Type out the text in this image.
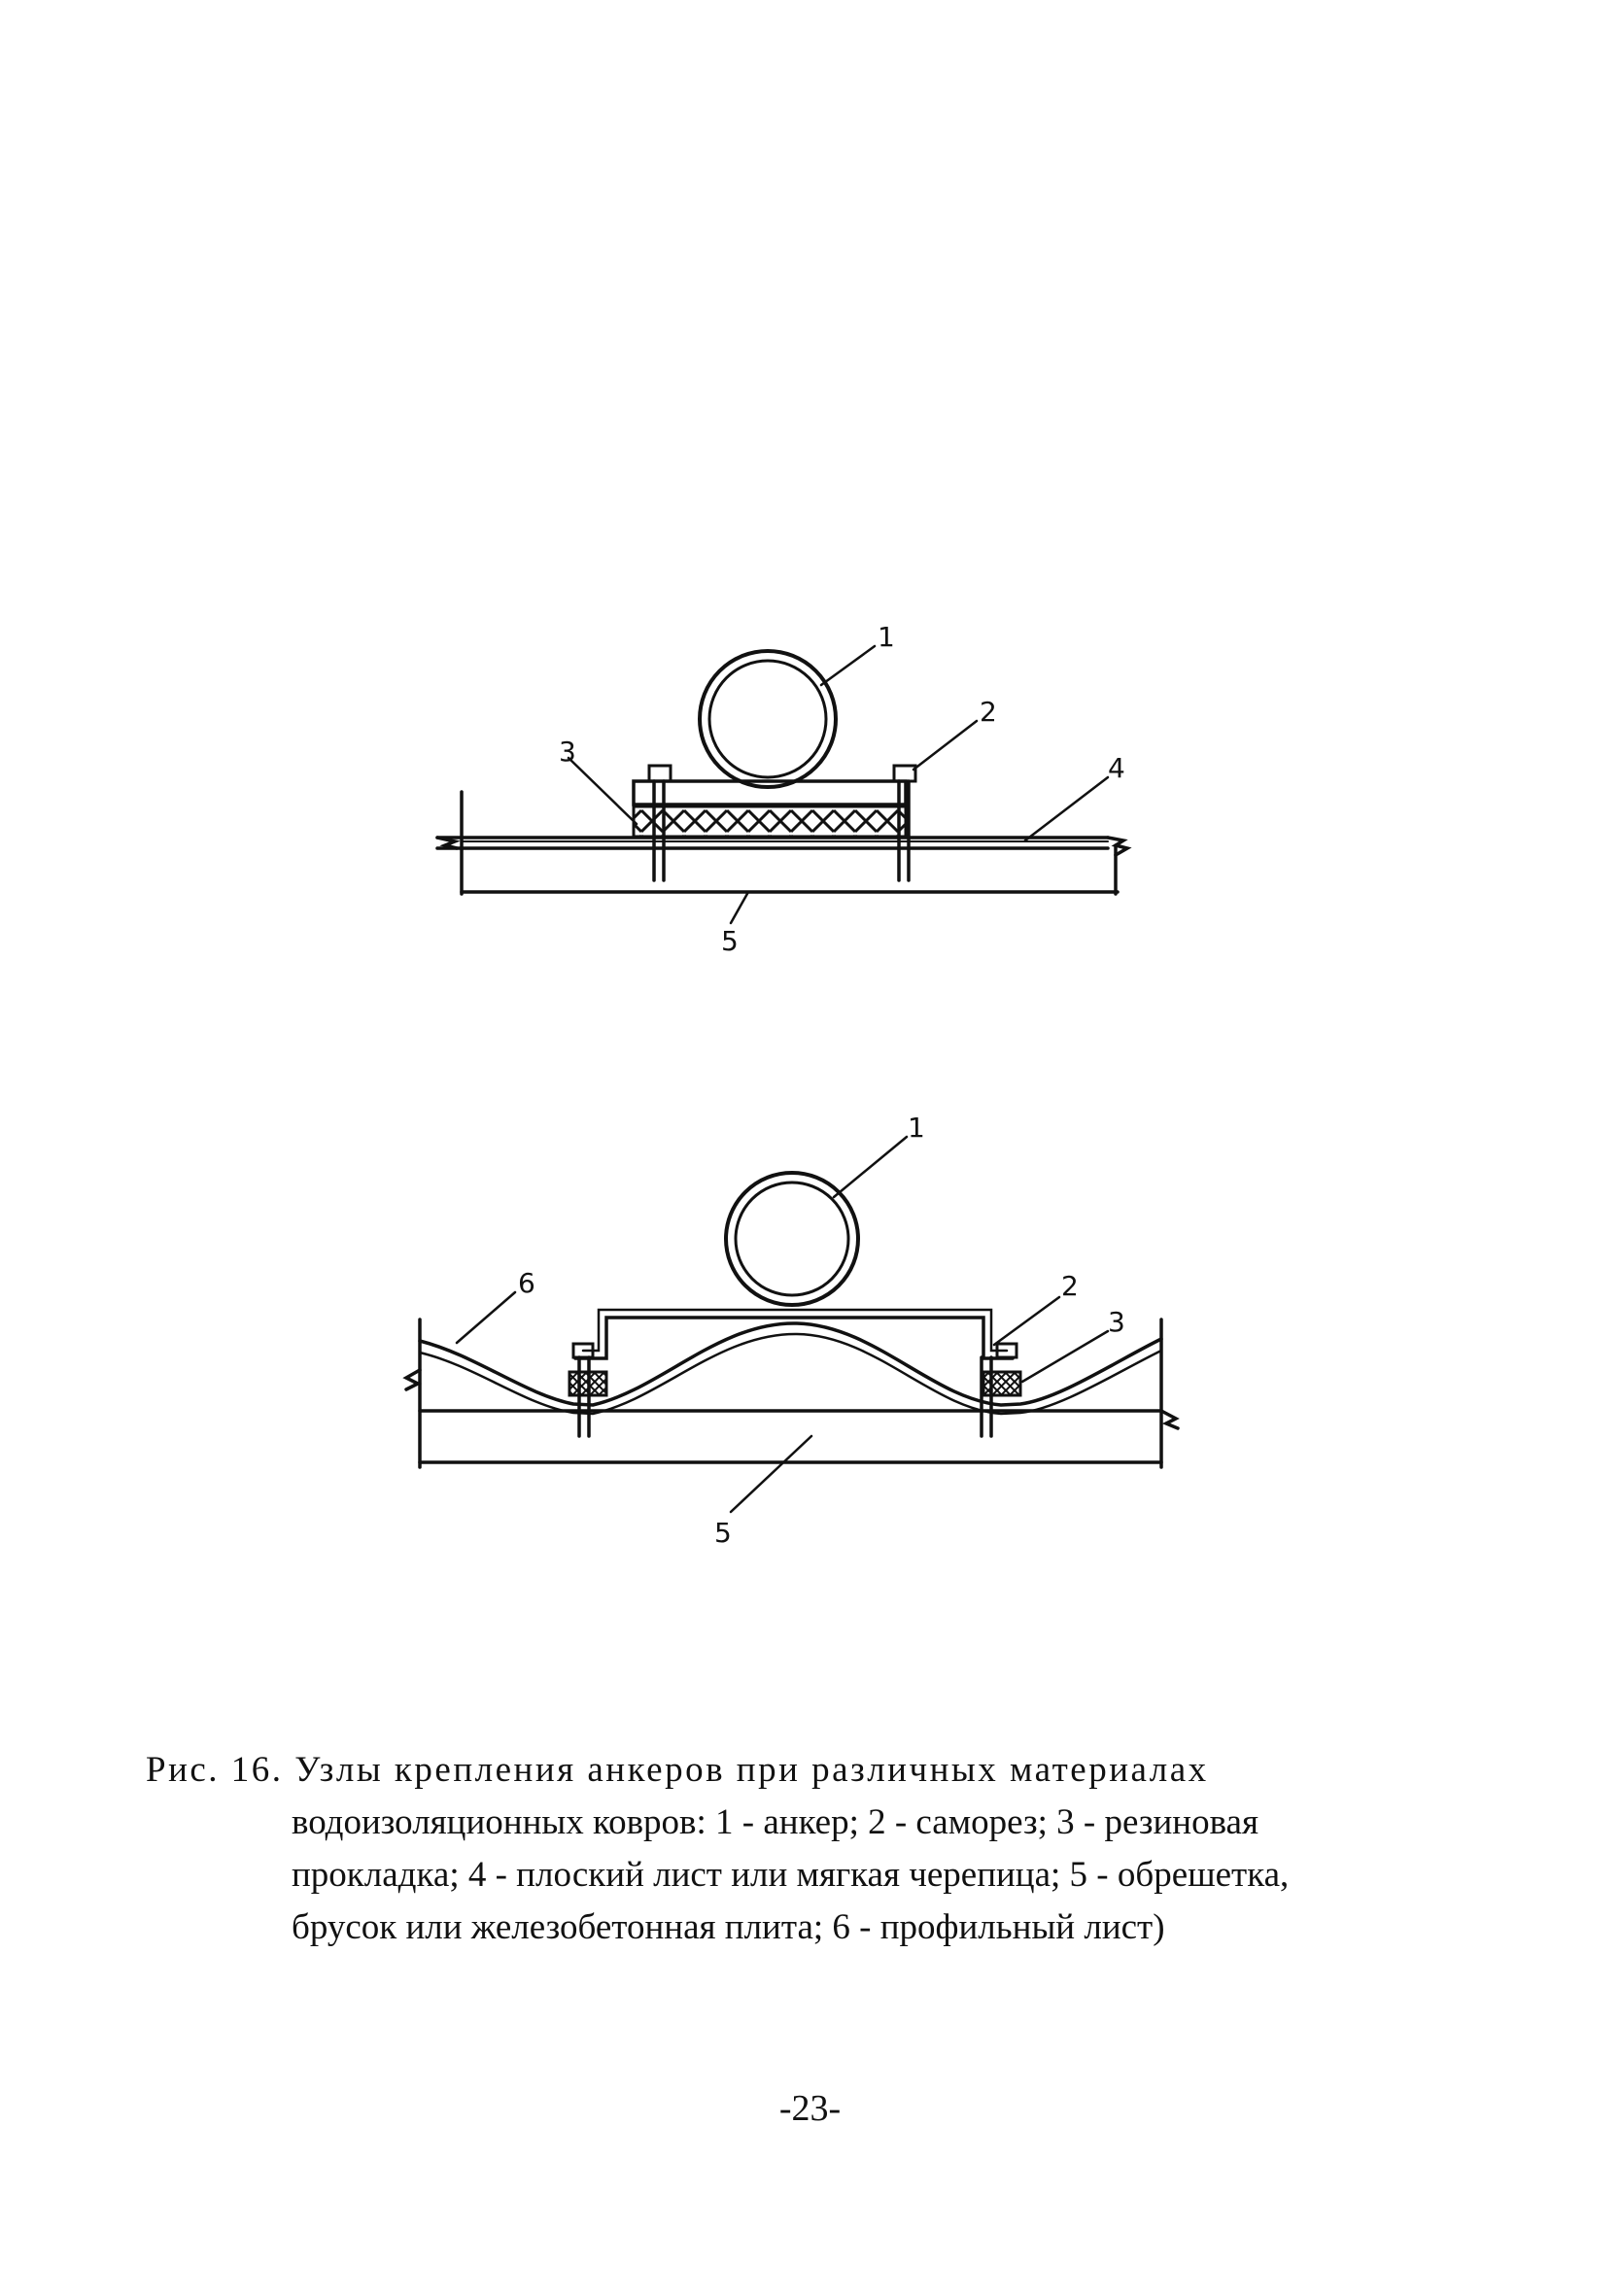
1
2
3
4
5
1
2
3
6
5
Рис. 16. Узлы крепления анкеров при различных материалах
водоизоляционных ковров: 1 - анкер; 2 - саморез; 3 - резиновая
прокладка; 4 - плоский лист или мягкая черепица; 5 - обрешетка,
брусок или железобетонная плита; 6 - профильный лист)
-23-
